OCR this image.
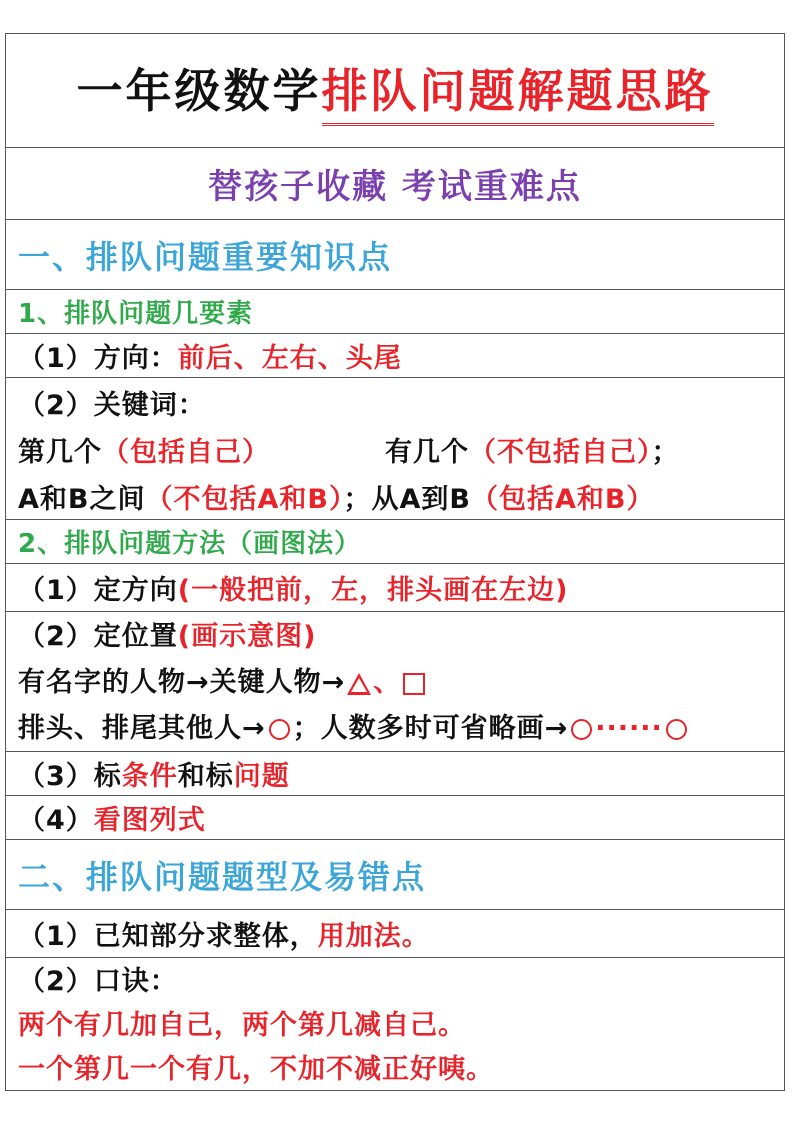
一年级数学排队问题解题思路
替孩子收藏 考试重难点
一、排队问题重要知识点
1、排队问题几要素
（1）方向：前后、左右、头尾
（2）关键词：
第几个（包括自己）	有几个（不包括自己）；
A和B之间（不包括A和B）；从A到B（包括A和B）
2、排队问题方法（画图法）
（1）定方向(一般把前，左，排头画在左边)
（2）定位置(画示意图)
有名字的人物→关键人物→ 、
排头、排尾其他人→ ；人数多时可省略画→ ······
（3）标条件和标问题
（4）看图列式
二、排队问题题型及易错点
（1）已知部分求整体，用加法。
（2）口诀：
两个有几加自己，两个第几减自己。
一个第几一个有几，不加不减正好咦。
